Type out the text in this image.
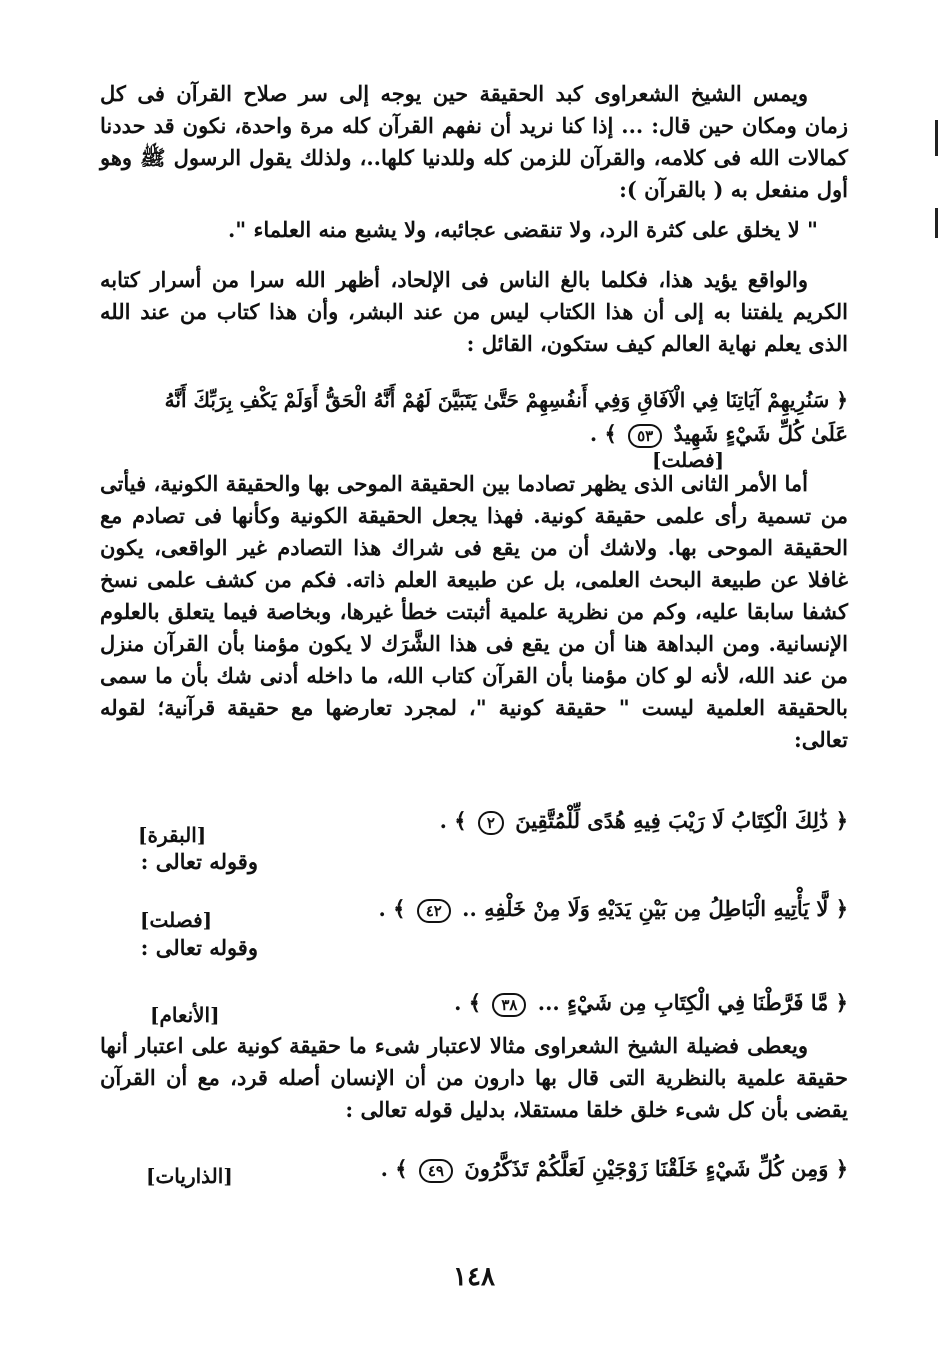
ويمس الشيخ الشعراوى كبد الحقيقة حين يوجه إلى سر صلاح القرآن فى كل زمان ومكان حين قال: ... إذا كنا نريد أن نفهم القرآن كله مرة واحدة، نكون قد حددنا كمالات الله فى كلامه، والقرآن للزمن كله وللدنيا كلها..، ولذلك يقول الرسول ﷺ وهو أول منفعل به ( بالقرآن ):

" لا يخلق على كثرة الرد، ولا تنقضى عجائبه، ولا يشبع منه العلماء ".

والواقع يؤيد هذا، فكلما بالغ الناس فى الإلحاد، أظهر الله سرا من أسرار كتابه الكريم يلفتنا به إلى أن هذا الكتاب ليس من عند البشر، وأن هذا كتاب من عند الله الذى يعلم نهاية العالم كيف ستكون، القائل :

﴿ سَنُرِيهِمْ آيَاتِنَا فِي الْآفَاقِ وَفِي أَنفُسِهِمْ حَتَّىٰ يَتَبَيَّنَ لَهُمْ أَنَّهُ الْحَقُّ أَوَلَمْ يَكْفِ بِرَبِّكَ أَنَّهُ
عَلَىٰ كُلِّ شَيْءٍ شَهِيدٌ ٥٣ ﴾ .
[فصلت]

أما الأمر الثانى الذى يظهر تصادما بين الحقيقة الموحى بها والحقيقة الكونية، فيأتى من تسمية رأى علمى حقيقة كونية. فهذا يجعل الحقيقة الكونية وكأنها فى تصادم مع الحقيقة الموحى بها. ولاشك أن من يقع فى شراك هذا التصادم غير الواقعى، يكون غافلا عن طبيعة البحث العلمى، بل عن طبيعة العلم ذاته. فكم من كشف علمى نسخ كشفا سابقا عليه، وكم من نظرية علمية أثبتت خطأ غيرها، وبخاصة فيما يتعلق بالعلوم الإنسانية. ومن البداهة هنا أن من يقع فى هذا الشَّرَك لا يكون مؤمنا بأن القرآن منزل من عند الله، لأنه لو كان مؤمنا بأن القرآن كتاب الله، ما داخله أدنى شك بأن ما سمى بالحقيقة العلمية ليست " حقيقة كونية "، لمجرد تعارضها مع حقيقة قرآنية؛ لقوله تعالى:

﴿ ذَٰلِكَ الْكِتَابُ لَا رَيْبَ فِيهِ هُدًى لِّلْمُتَّقِينَ ٢ ﴾ .
[البقرة]
وقوله تعالى :
﴿ لَّا يَأْتِيهِ الْبَاطِلُ مِن بَيْنِ يَدَيْهِ وَلَا مِنْ خَلْفِهِ .. ٤٢ ﴾ .
[فصلت]
وقوله تعالى :
﴿ مَّا فَرَّطْنَا فِي الْكِتَابِ مِن شَيْءٍ ... ٣٨ ﴾ .
[الأنعام]

ويعطى فضيلة الشيخ الشعراوى مثالا لاعتبار شىء ما حقيقة كونية على اعتبار أنها حقيقة علمية بالنظرية التى قال بها دارون من أن الإنسان أصله قرد، مع أن القرآن يقضى بأن كل شىء خلق خلقا مستقلا، بدليل قوله تعالى :

﴿ وَمِن كُلِّ شَيْءٍ خَلَقْنَا زَوْجَيْنِ لَعَلَّكُمْ تَذَكَّرُونَ ٤٩ ﴾ .
[الذاريات]
١٤٨
